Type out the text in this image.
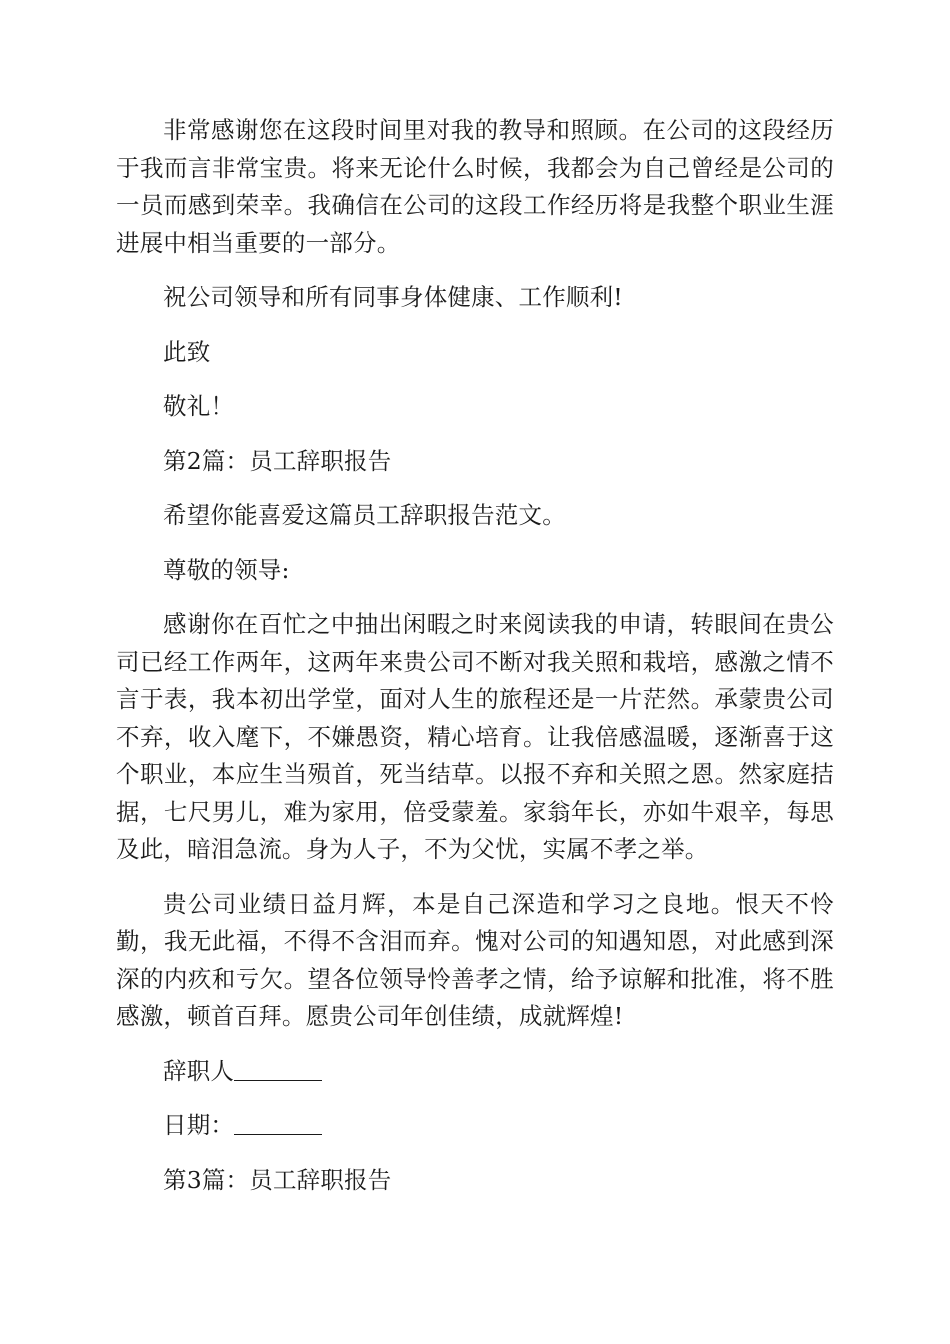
非常感谢您在这段时间里对我的教导和照顾。在公司的这段经历于我而言非常宝贵。将来无论什么时候，我都会为自己曾经是公司的一员而感到荣幸。我确信在公司的这段工作经历将是我整个职业生涯进展中相当重要的一部分。

祝公司领导和所有同事身体健康、工作顺利!

此致

敬礼！

第2篇：员工辞职报告

希望你能喜爱这篇员工辞职报告范文。

尊敬的领导:

感谢你在百忙之中抽出闲暇之时来阅读我的申请，转眼间在贵公司已经工作两年，这两年来贵公司不断对我关照和栽培，感激之情不言于表，我本初出学堂，面对人生的旅程还是一片茫然。承蒙贵公司不弃，收入麾下，不嫌愚资，精心培育。让我倍感温暖，逐渐喜于这个职业，本应生当殒首，死当结草。以报不弃和关照之恩。然家庭拮据，七尺男儿，难为家用，倍受蒙羞。家翁年长，亦如牛艰辛，每思及此，暗泪急流。身为人子，不为父忧，实属不孝之举。

贵公司业绩日益月辉，本是自己深造和学习之良地。恨天不怜勤，我无此福，不得不含泪而弃。愧对公司的知遇知恩，对此感到深深的内疚和亏欠。望各位领导怜善孝之情，给予谅解和批准，将不胜感激，顿首百拜。愿贵公司年创佳绩，成就辉煌!

辞职人

日期：

第3篇：员工辞职报告
